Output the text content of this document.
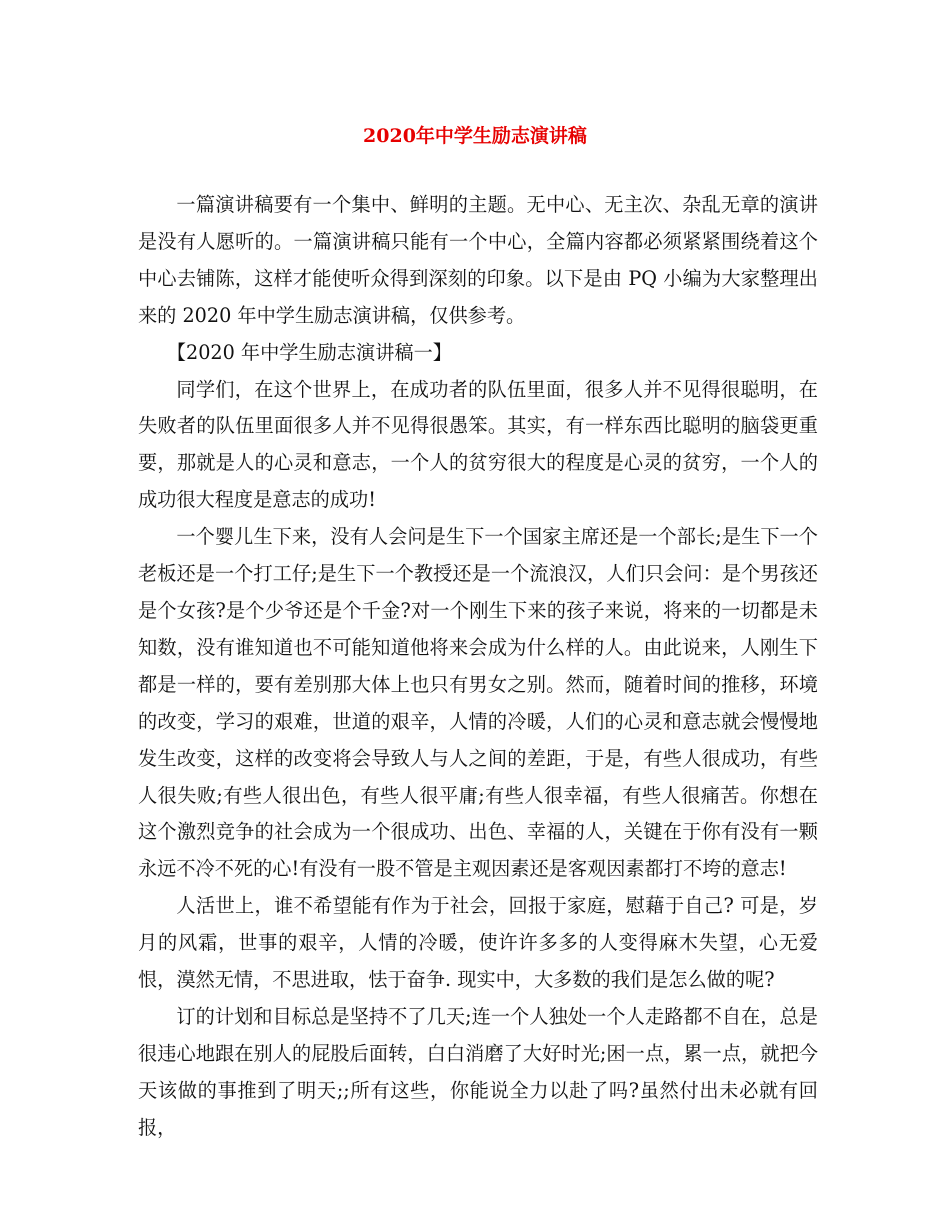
2020年中学生励志演讲稿

一篇演讲稿要有一个集中、鲜明的主题。无中心、无主次、杂乱无章的演讲是没有人愿听的。一篇演讲稿只能有一个中心，全篇内容都必须紧紧围绕着这个中心去铺陈，这样才能使听众得到深刻的印象。以下是由 PQ 小编为大家整理出来的 2020 年中学生励志演讲稿，仅供参考。

【2020 年中学生励志演讲稿一】

同学们，在这个世界上，在成功者的队伍里面，很多人并不见得很聪明，在失败者的队伍里面很多人并不见得很愚笨。其实，有一样东西比聪明的脑袋更重要，那就是人的心灵和意志，一个人的贫穷很大的程度是心灵的贫穷，一个人的成功很大程度是意志的成功!

一个婴儿生下来，没有人会问是生下一个国家主席还是一个部长;是生下一个老板还是一个打工仔;是生下一个教授还是一个流浪汉，人们只会问：是个男孩还是个女孩?是个少爷还是个千金?对一个刚生下来的孩子来说，将来的一切都是未知数，没有谁知道也不可能知道他将来会成为什么样的人。由此说来，人刚生下都是一样的，要有差别那大体上也只有男女之别。然而，随着时间的推移，环境的改变，学习的艰难，世道的艰辛，人情的冷暖，人们的心灵和意志就会慢慢地发生改变，这样的改变将会导致人与人之间的差距，于是，有些人很成功，有些人很失败;有些人很出色，有些人很平庸;有些人很幸福，有些人很痛苦。你想在这个激烈竞争的社会成为一个很成功、出色、幸福的人，关键在于你有没有一颗永远不冷不死的心!有没有一股不管是主观因素还是客观因素都打不垮的意志!

人活世上，谁不希望能有作为于社会，回报于家庭，慰藉于自己? 可是，岁月的风霜，世事的艰辛，人情的冷暖，使许许多多的人变得麻木失望，心无爱恨，漠然无情，不思进取，怯于奋争. 现实中，大多数的我们是怎么做的呢?

订的计划和目标总是坚持不了几天;连一个人独处一个人走路都不自在，总是很违心地跟在别人的屁股后面转，白白消磨了大好时光;困一点，累一点，就把今天该做的事推到了明天;;所有这些，你能说全力以赴了吗?虽然付出未必就有回报，
